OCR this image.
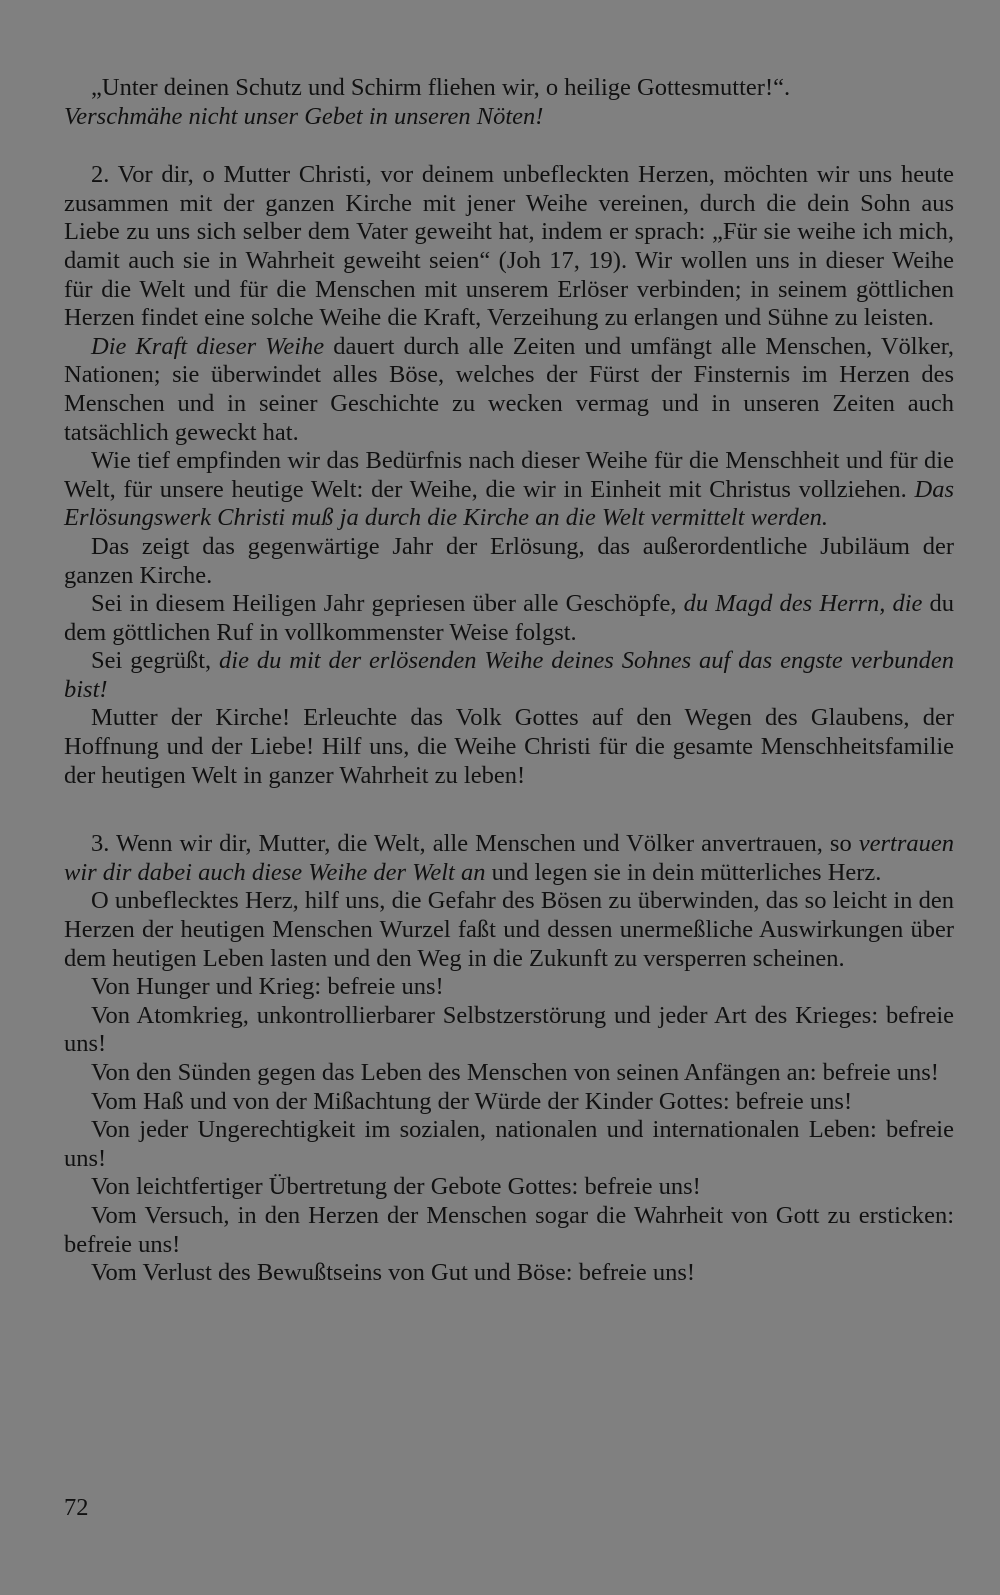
„Unter deinen Schutz und Schirm fliehen wir, o heilige Gottesmutter!“.

Verschmähe nicht unser Gebet in unseren Nöten!

2. Vor dir, o Mutter Christi, vor deinem unbefleckten Herzen, möchten wir uns heute zusammen mit der ganzen Kirche mit jener Weihe vereinen, durch die dein Sohn aus Liebe zu uns sich selber dem Vater geweiht hat, indem er sprach: „Für sie weihe ich mich, damit auch sie in Wahrheit geweiht seien“ (Joh 17, 19). Wir wollen uns in dieser Weihe für die Welt und für die Menschen mit unserem Erlöser verbinden; in seinem göttlichen Herzen findet eine solche Weihe die Kraft, Verzeihung zu erlangen und Sühne zu leisten.

Die Kraft dieser Weihe dauert durch alle Zeiten und umfängt alle Menschen, Völker, Nationen; sie überwindet alles Böse, welches der Fürst der Finsternis im Herzen des Menschen und in seiner Geschichte zu wecken vermag und in unseren Zeiten auch tatsächlich geweckt hat.

Wie tief empfinden wir das Bedürfnis nach dieser Weihe für die Menschheit und für die Welt, für unsere heutige Welt: der Weihe, die wir in Einheit mit Christus vollziehen. Das Erlösungswerk Christi muß ja durch die Kirche an die Welt vermittelt werden.

Das zeigt das gegenwärtige Jahr der Erlösung, das außerordentliche Jubiläum der ganzen Kirche.

Sei in diesem Heiligen Jahr gepriesen über alle Geschöpfe, du Magd des Herrn, die du dem göttlichen Ruf in vollkommenster Weise folgst.

Sei gegrüßt, die du mit der erlösenden Weihe deines Sohnes auf das engste verbunden bist!

Mutter der Kirche! Erleuchte das Volk Gottes auf den Wegen des Glaubens, der Hoffnung und der Liebe! Hilf uns, die Weihe Christi für die gesamte Menschheitsfamilie der heutigen Welt in ganzer Wahrheit zu leben!

3. Wenn wir dir, Mutter, die Welt, alle Menschen und Völker anvertrauen, so vertrauen wir dir dabei auch diese Weihe der Welt an und legen sie in dein mütterliches Herz.

O unbeflecktes Herz, hilf uns, die Gefahr des Bösen zu überwinden, das so leicht in den Herzen der heutigen Menschen Wurzel faßt und dessen unermeßliche Auswirkungen über dem heutigen Leben lasten und den Weg in die Zukunft zu versperren scheinen.

Von Hunger und Krieg: befreie uns!

Von Atomkrieg, unkontrollierbarer Selbstzerstörung und jeder Art des Krieges: befreie uns!

Von den Sünden gegen das Leben des Menschen von seinen Anfängen an: befreie uns!

Vom Haß und von der Mißachtung der Würde der Kinder Gottes: befreie uns!

Von jeder Ungerechtigkeit im sozialen, nationalen und internationalen Leben: befreie uns!

Von leichtfertiger Übertretung der Gebote Gottes: befreie uns!

Vom Versuch, in den Herzen der Menschen sogar die Wahrheit von Gott zu ersticken: befreie uns!

Vom Verlust des Bewußtseins von Gut und Böse: befreie uns!

72
